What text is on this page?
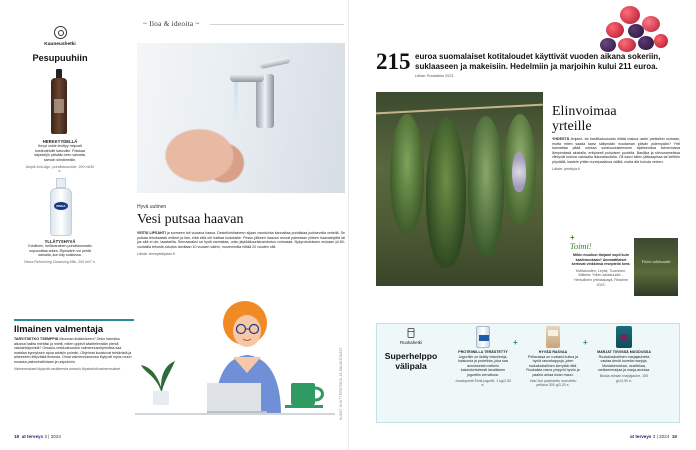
Kauneushetki
Pesupuuhiin
HERKKYYDELLÄ
Kevyt voide levittyy helposti kosteutetulle kasvoille. Poiskaa säyskeljin päivään teen vaivatta, samoin silmämeikin.
Atopik Anti-Age -puhdistusvoide, 200 ml/30 e.
NIVEA
YLLÄTYSHYVÄ
Edullinen, hellävarainen puhdistusmaito sopusoittaa arkea. Ripsivärin voi pestä samalla, kun käy sulkiossa.
Nivea Refreshing Cleansing Milk, 200 ml/7 e.
~ Iloa & ideoita ~
Hyvä uutinen
Vesi putsaa haavan
VEITSI LIPSAHTI ja sormeen tuli vuotava haava. Desinfiointiaineen sijaan vaonkohta kannattaa puhdistaa juoksevalla vedellä. Se putsaa tehokkaasti eritteet ja lian, eikä siitä ole haittaa kudoksille. Pesun jälkeen haavan reunat painetaan yhteen haavateipillä tai jos sitä ei ole, laastarilla. Seuraavaksi on hyvä varmistaa, onko jäykkäkouristusrokotus voimassa. Nykyrokotuksen mukaan yli 60-vuotiailla tehoste-rokotus tarvitaan 10 vuoden välein, nuoremmilla riittää 20 vuoden väli.
Lähde: terveyskirjasto.fi
Ilmainen valmentaja
TARVITSETKO TSEMPPIÄ liikunnan lisäämiseen? Onko harmitus alkanut hallita mieltäsi ja mietit, miten oppisit käsittelemään pieniä vastoinkäymisiä? Omaolo-verkkosivuston valmennusohjelmista saa matalan kynnyksen apua arkisiin pulmiin. Ohjelmat koostuvat tehtävistä ja aiheeseen liittyvästä tiedosta. Omat valmennuksensa löytyvät myös muun muassa painonhallintaan ja unipulmiin.
Valmennukset löytyvät osoitteesta omaolo.fi/palvelut/valmennukset	KUVAT SHUTTERSTOCK JA VALMISTAJAT
18 at terveys 3 | 2024
215 euroa suomalaiset kotitaloudet käyttivät vuoden aikana sokeriin, suklaaseen ja makeisiin. Hedelmiin ja marjoihin kului 211 euroa.
Lähde: Ruokatieto 2023.
Elinvoimaa
yrteille
YHDESTÄ timjami- tai basilikaruukusta riittää makua usein pariksikin ruokaan, mutta miten saada kasvi säilymään muutaman päivän pidempään? Yrtit kannattaa pitää omissa soraisuusisteeseen sijaitsevissa taimenoissa lämpimässä alustalla, erityisesti pohjoisen puolella. Basilika ja sitruunamelissa viihtyvät kotona valoisalla ikkunalaudalla. Oli kasvi sitten jääkaapissa tai keittiön pöydällä, kastele yrttien turvepaakkua väliltä, mutta älä hukuta veteen.
Lähde: jamikyla.fi
+
Toimi!
Mihin muuhun timjami sopii kuin kaalinruokaan? Ammattilaiset kertovat vinkkinsä resepteiin kera.
Kotitalouden, Lepist, Tuominen, Mäkela: Yrtien salaisuudet – Herkullinen yrtiniaapayä, Readme 2023.
Yrtien salaisuudet
Ruokahetki
Superhelppo
välipala
+	+
PROTEIINILLA TERÄSTETTY
Jogurttiin on lisätty vitamiineja, kalsiumia ja proteiinia, joka saa annoksesta melkein kaksinkertaisesti tavalliseen jogurttiin verrattuna.
Juustoportti Elviä jogurtti, 1 kg/2,90 e.
HYVÄÄ RASVAA
Pellavassa on ruokaisi kuitua ja hyviä rasvahappoja, joten ruokaluokallinen kerrytää niitä. Ruokaista rasva ympyröi hyviin ja paahto antaa kivan maun.
Vasi Juh paahdettu murutettu pellava 300 g/3,20 e.
MARJAT TIIVIISSÄ MUODOSSA
Ruokalusikallinen marjajauhetta vastaa desiä tuoreita marjoja. Mustaherukkaa, mustikkaa, variksenmarjaa ja marja-aroniaa.
Biokia arinian marjajauhe, 150 g/14,90 e.
at terveys 3 | 2024 19
